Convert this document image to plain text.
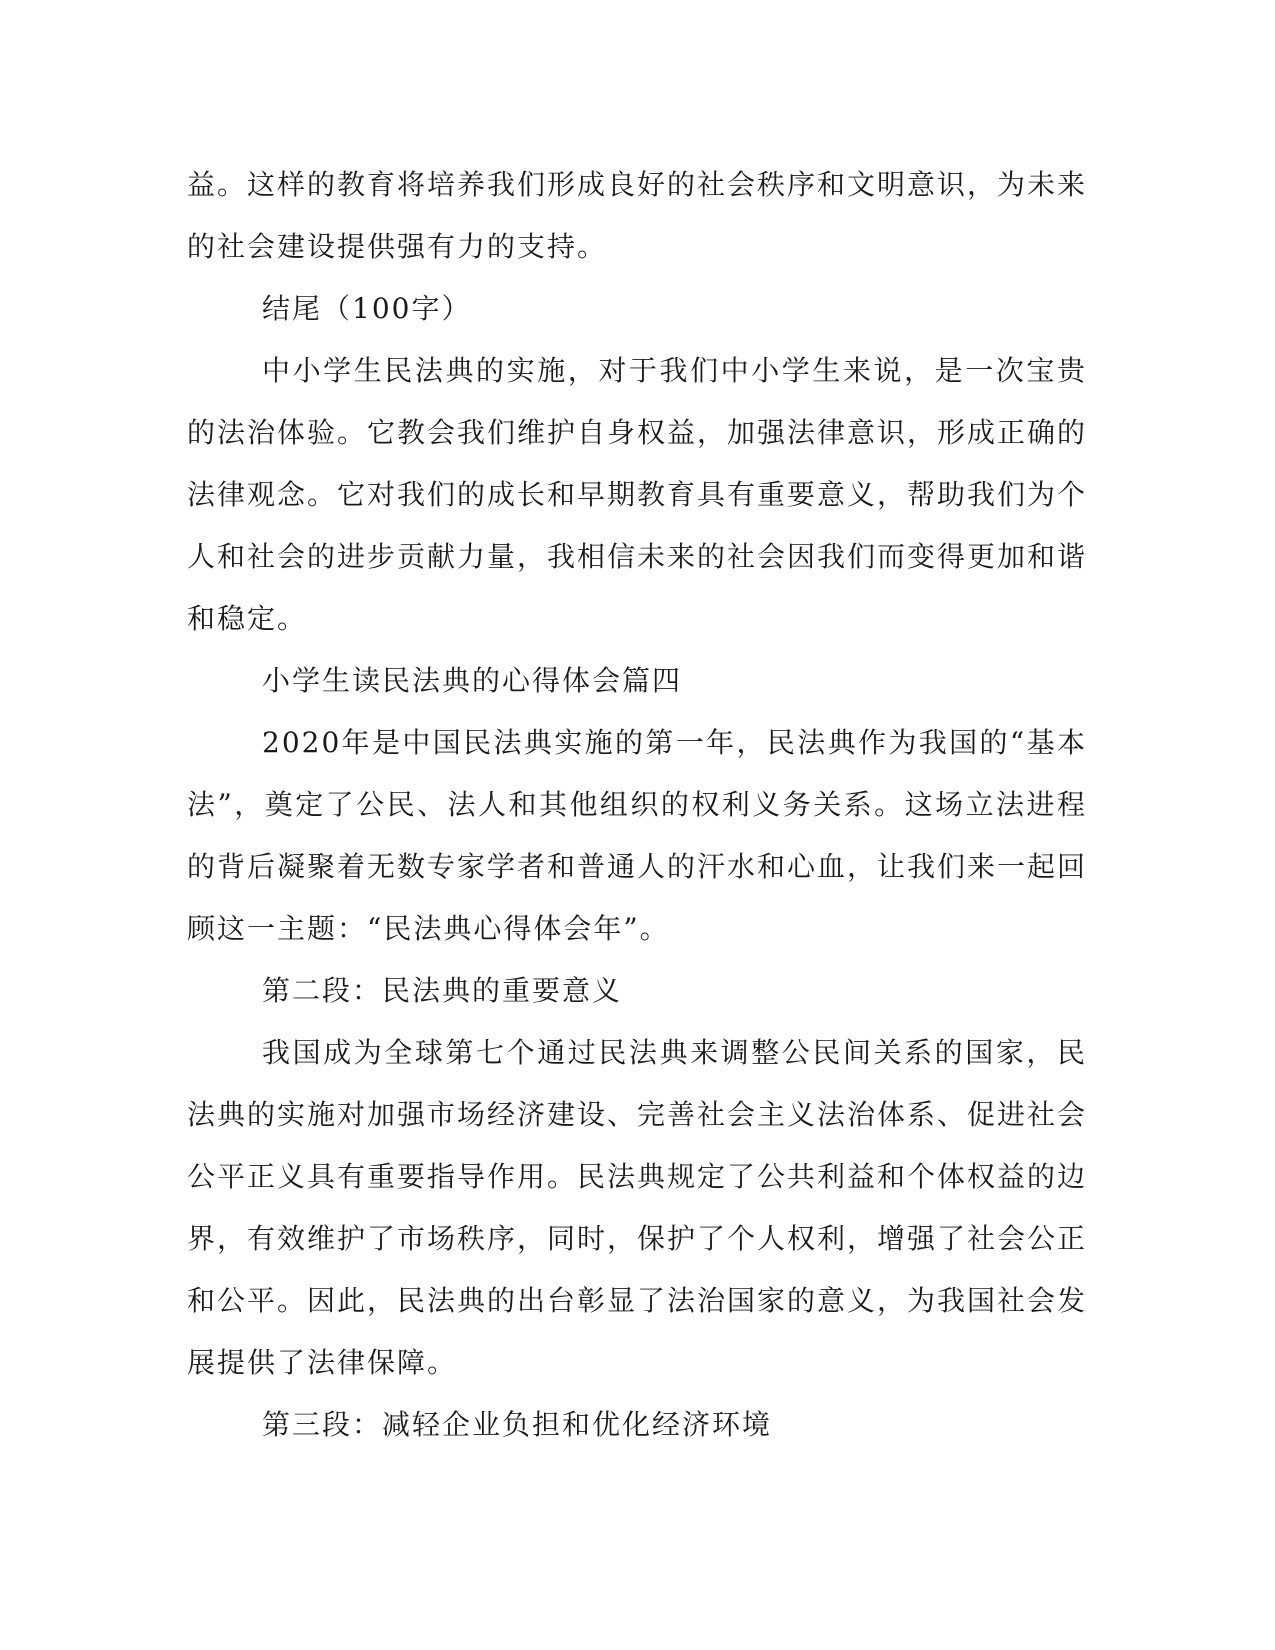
益。这样的教育将培养我们形成良好的社会秩序和文明意识，为未来的社会建设提供强有力的支持。

结尾（100字）

中小学生民法典的实施，对于我们中小学生来说，是一次宝贵的法治体验。它教会我们维护自身权益，加强法律意识，形成正确的法律观念。它对我们的成长和早期教育具有重要意义，帮助我们为个人和社会的进步贡献力量，我相信未来的社会因我们而变得更加和谐和稳定。

小学生读民法典的心得体会篇四

2020年是中国民法典实施的第一年，民法典作为我国的“基本法”，奠定了公民、法人和其他组织的权利义务关系。这场立法进程的背后凝聚着无数专家学者和普通人的汗水和心血，让我们来一起回顾这一主题：“民法典心得体会年”。

第二段：民法典的重要意义

我国成为全球第七个通过民法典来调整公民间关系的国家，民法典的实施对加强市场经济建设、完善社会主义法治体系、促进社会公平正义具有重要指导作用。民法典规定了公共利益和个体权益的边界，有效维护了市场秩序，同时，保护了个人权利，增强了社会公正和公平。因此，民法典的出台彰显了法治国家的意义，为我国社会发展提供了法律保障。

第三段：减轻企业负担和优化经济环境
